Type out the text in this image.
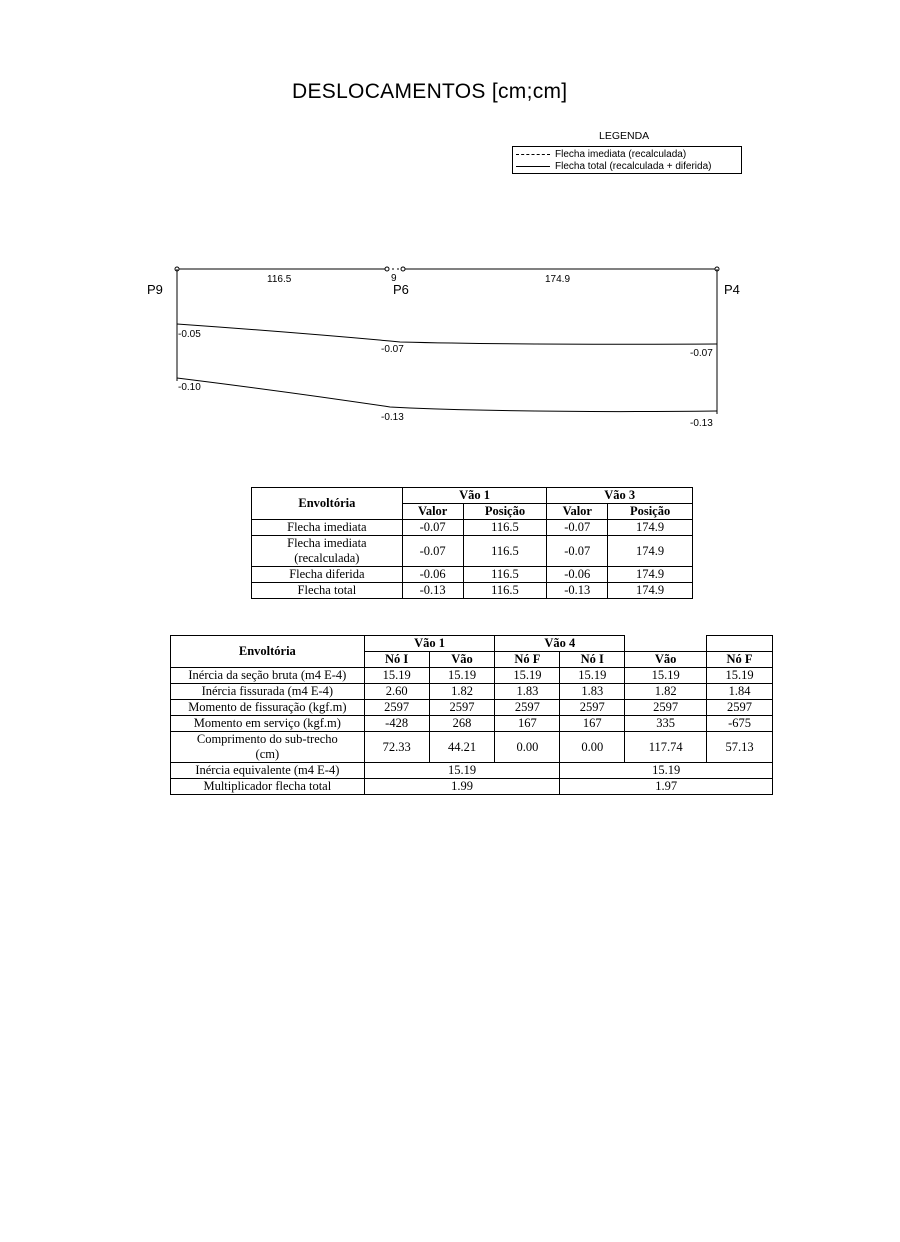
DESLOCAMENTOS [cm;cm]
LEGENDA
Flecha imediata (recalculada)
Flecha total (recalculada + diferida)
P9	P6	P4
9
116.5	174.9
-0.05
-0.07	-0.07
-0.10
-0.13
-0.13
Envoltória	Vão 1		Vão 3	
	Valor	Posição	Valor	Posição
Flecha imediata	-0.07	116.5	-0.07	174.9
Flecha imediata (recalculada)	-0.07	116.5	-0.07	174.9
Flecha diferida	-0.06	116.5	-0.06	174.9
Flecha total	-0.13	116.5	-0.13	174.9
Envoltória	Vão 1		Vão 4			
	Nó I	Vão	Nó F	Nó I	Vão	Nó F
Inércia da seção bruta (m4 E-4)	15.19	15.19	15.19	15.19	15.19	15.19
Inércia fissurada (m4 E-4)	2.60	1.82	1.83	1.83	1.82	1.84
Momento de fissuração (kgf.m)	2597	2597	2597	2597	2597	2597
Momento em serviço (kgf.m)	-428	268	167	167	335	-675
Comprimento do sub-trecho (cm)	72.33	44.21	0.00	0.00	117.74	57.13
Inércia equivalente (m4 E-4)	15.19			15.19		
Multiplicador flecha total	1.99			1.97		
